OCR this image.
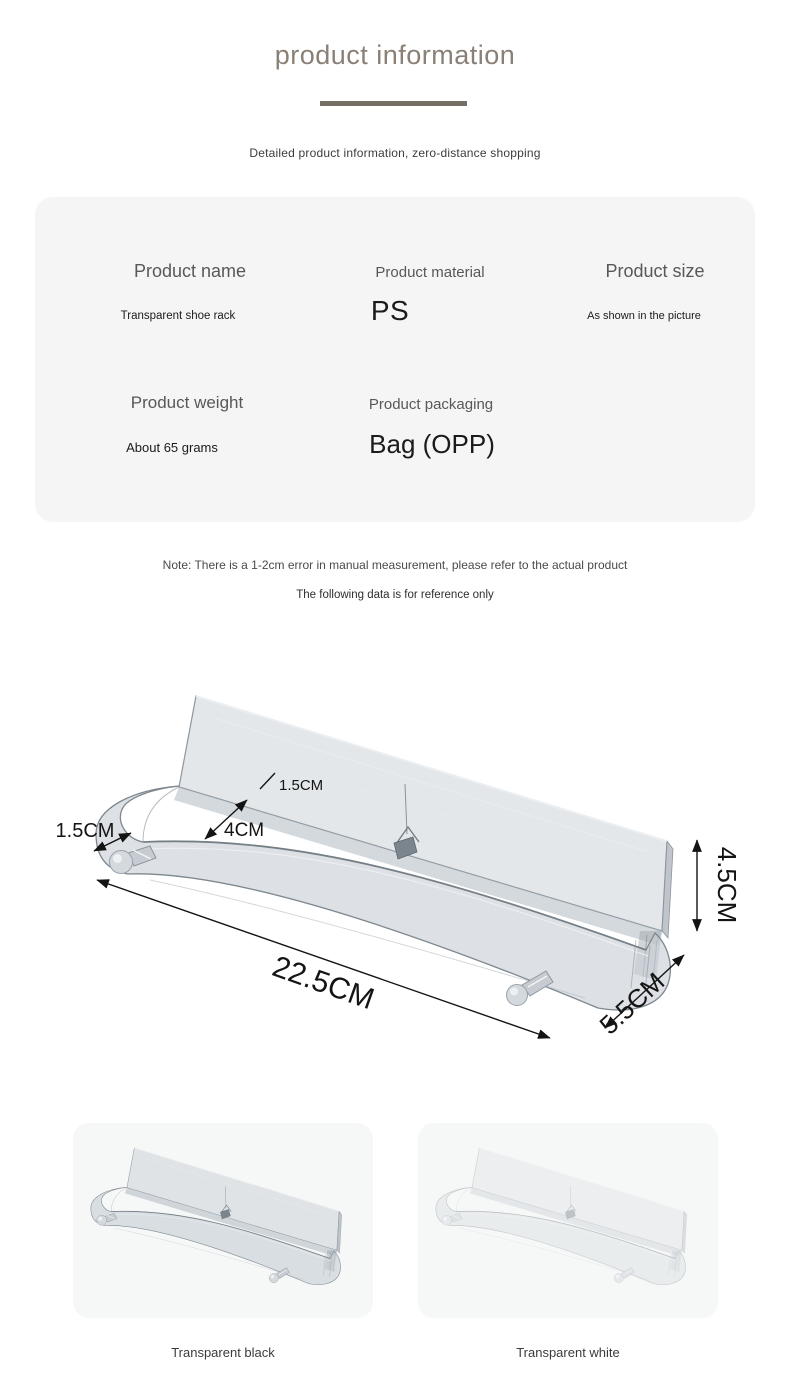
product information

Detailed product information, zero-distance shopping

Product name	Product material	Product size
Transparent shoe rack	PS	As shown in the picture
Product weight	Product packaging
About 65 grams	Bag (OPP)

Note: There is a 1-2cm error in manual measurement, please refer to the actual product

The following data is for reference only

22.5CM
4.5CM
5.5CM
4CM
1.5CM
1.5CM

Transparent black	Transparent white
